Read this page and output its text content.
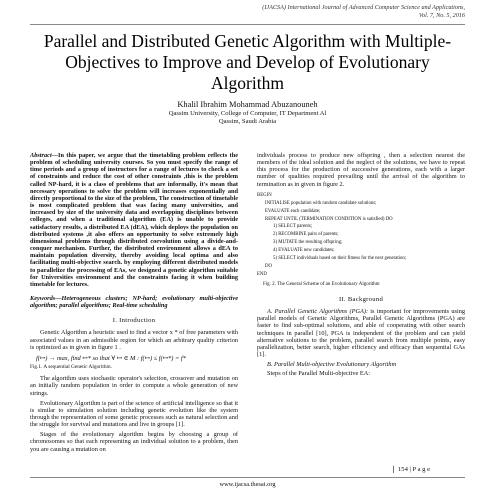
(IJACSA) International Journal of Advanced Computer Science and Applications,
Vol. 7, No. 5, 2016
Parallel and Distributed Genetic Algorithm with Multiple-Objectives to Improve and Develop of Evolutionary Algorithm
Khalil Ibrahim Mohammad Abuzanouneh
Qassim University, College of Computer, IT Department Al
Qassim, Saudi Arabia
Abstract—In this paper, we argue that the timetabling problem reflects the problem of scheduling university courses. So you must specify the range of time periods and a group of instructors for a range of lectures to check a set of constraints and reduce the cost of other constraints ,this is the problem called NP-hard, it is a class of problems that are informally, it's mean that necessary operations to solve the problem will increases exponentially and directly proportional to the size of the problem, The construction of timetable is most complicated problem that was facing many universities, and increased by size of the university data and overlapping disciplines between colleges, and when a traditional algorithm (EA) is unable to provide satisfactory results, a distributed EA (dEA), which deploys the population on distributed systems ,it also offers an opportunity to solve extremely high dimensional problems through distributed coevolution using a divide-and-conquer mechanism. Further, the distributed environment allows a dEA to maintain population diversity, thereby avoiding local optima and also facilitating multi-objective search. by employing different distributed models to parallelize the processing of EAs, we designed a genetic algorithm suitable for Universities environment and the constraints facing it when building timetable for lectures.
Keywords—Heterogeneous clusters; NP-hard; evolutionary multi-objective algorithm; parallel algorithms; Real-time scheduling
I. Introduction
Genetic Algorithm a heuristic used to find a vector x * of free parameters with associated values in an admissible region for which an arbitrary quality criterion is optimized as in given in figure 1 .
f(↦) → max, find ↦* so that ∀ ↦ ∈ M : f(↦) ≤ f(↦*) = f*
Fig.1. A sequential Genetic Algorithm.
The algorithm uses stochastic operator's selection, crossover and mutation on an initially random population in order to compute a whole generation of new strings.
Evolutionary Algorithm is part of the science of artificial intelligence so that it is similar to simulation solution including genetic evolution like the system through the representation of some genetic processes such as natural selection and the struggle for survival and mutations and live in groups [1].
Stages of the evolutionary algorithm begins by choosing a group of chromosomes so that each representing an individual solution to a problem, then you are causing a mutation on
individuals process to produce new offspring , then a selection nearest the members of the ideal solution and the neglect of the solutions, we have to repeat this process for the production of successive generations, each with a larger number of qualities required prevailing until the arrival of the algorithm to termination as in given in figure 2.
BEGIN
INITIALISE population with random candidate solutions;
EVALUATE each candidate;
REPEAT UNTIL (TERMINATION CONDITION is satisfied) DO
1) SELECT parents;
2) RECOMBINE pairs of parents;
3) MUTATE the resulting offspring;
4) EVALUATE new candidates;
5) SELECT individuals based on their fitness for the next generation;
DO
END
Fig. 2. The General Scheme of an Evolutionary Algorithm
II. Background
A. Parallel Genetic Algorithms (PGA): is important for improvements using parallel models of Genetic Algorithms, Parallel Genetic Algorithms (PGA) are faster to find sub-optimal solutions, and able of cooperating with other search techniques in parallel [10], PGA is independent of the problem and can yield alternative solutions to the problem, parallel search from multiple points, easy parallelization, better search, higher efficiency and efficacy than sequential GAs [1].
B. Parallel Multi-objective Evolutionary Algorithm
Steps of the Parallel Multi-objective EA:
154 | P a g e
www.ijacsa.thesai.org
